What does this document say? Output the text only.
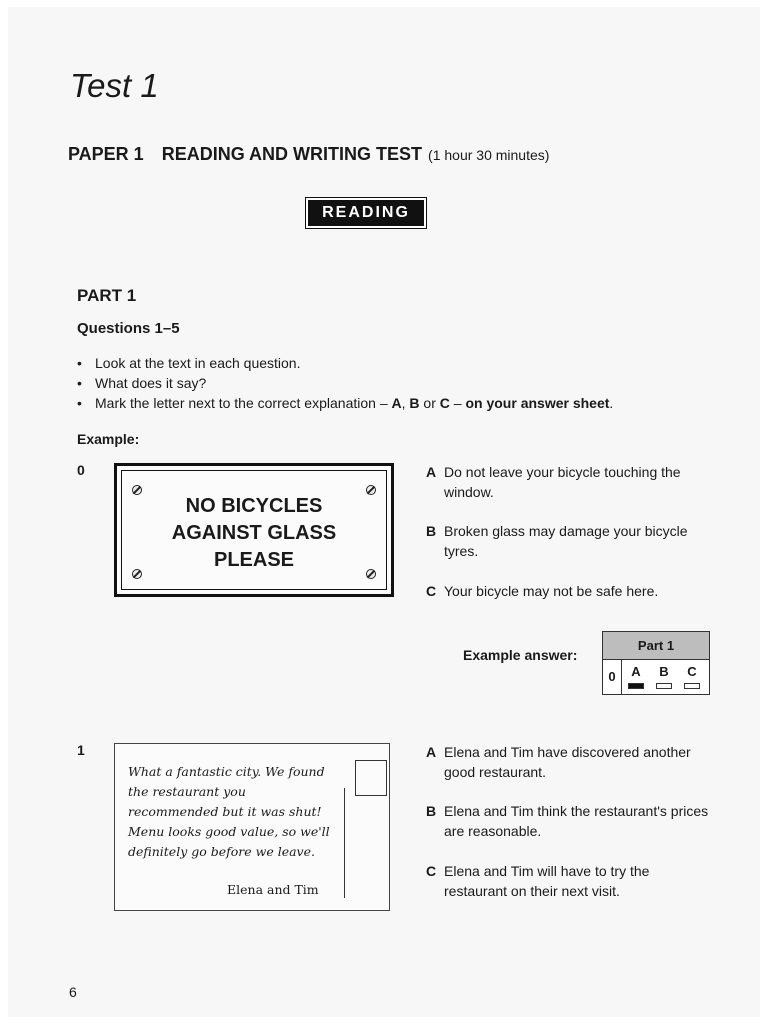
Test 1
PAPER 1 READING AND WRITING TEST (1 hour 30 minutes)
READING
PART 1
Questions 1–5
• Look at the text in each question.
• What does it say?
• Mark the letter next to the correct explanation – A, B or C – on your answer sheet.
Example:
0
NO BICYCLES
AGAINST GLASS
PLEASE
A Do not leave your bicycle touching the window.
B Broken glass may damage your bicycle tyres.
C Your bicycle may not be safe here.
Example answer:
Part 1
0	A	B	C
1
What a fantastic city. We found the restaurant you recommended but it was shut! Menu looks good value, so we'll definitely go before we leave.
Elena and Tim
A Elena and Tim have discovered another good restaurant.
B Elena and Tim think the restaurant's prices are reasonable.
C Elena and Tim will have to try the restaurant on their next visit.
6
